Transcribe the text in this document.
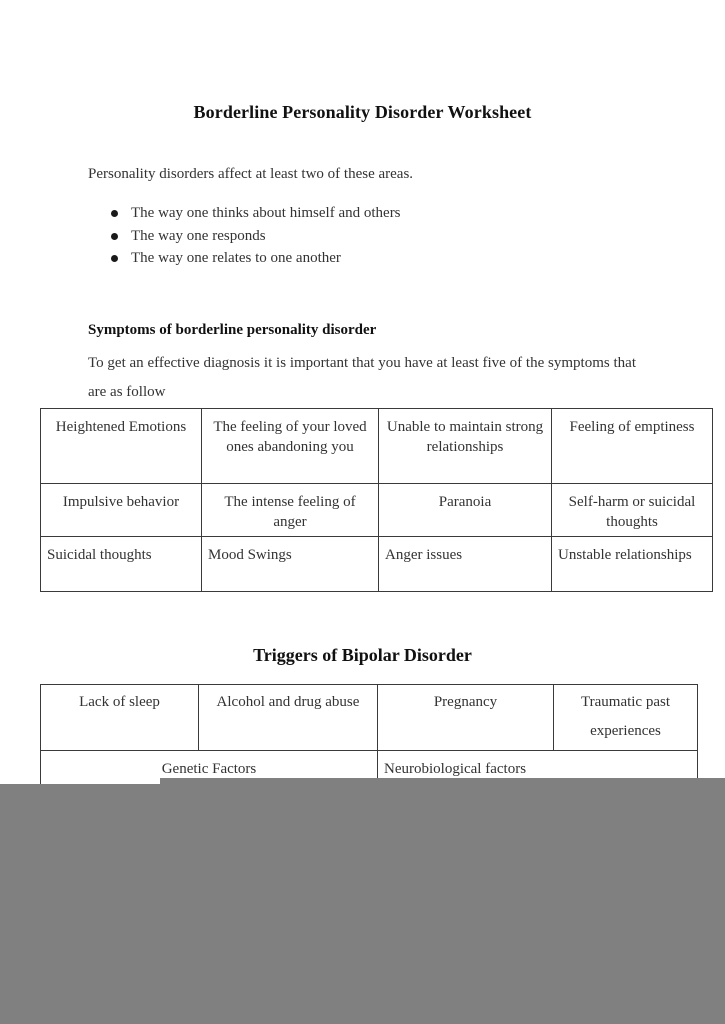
Borderline Personality Disorder Worksheet
Personality disorders affect at least two of these areas.
The way one thinks about himself and others
The way one responds
The way one relates to one another
Symptoms of borderline personality disorder
To get an effective diagnosis it is important that you have at least five of the symptoms that are as follow
Heightened Emotions	The feeling of your loved ones abandoning you	Unable to maintain strong relationships	Feeling of emptiness
Impulsive behavior	The intense feeling of anger	Paranoia	Self-harm or suicidal thoughts
Suicidal thoughts	Mood Swings	Anger issues	Unstable relationships
Triggers of Bipolar Disorder
Lack of sleep	Alcohol and drug abuse	Pregnancy	Traumatic past experiences
Genetic Factors		Neurobiological factors	
